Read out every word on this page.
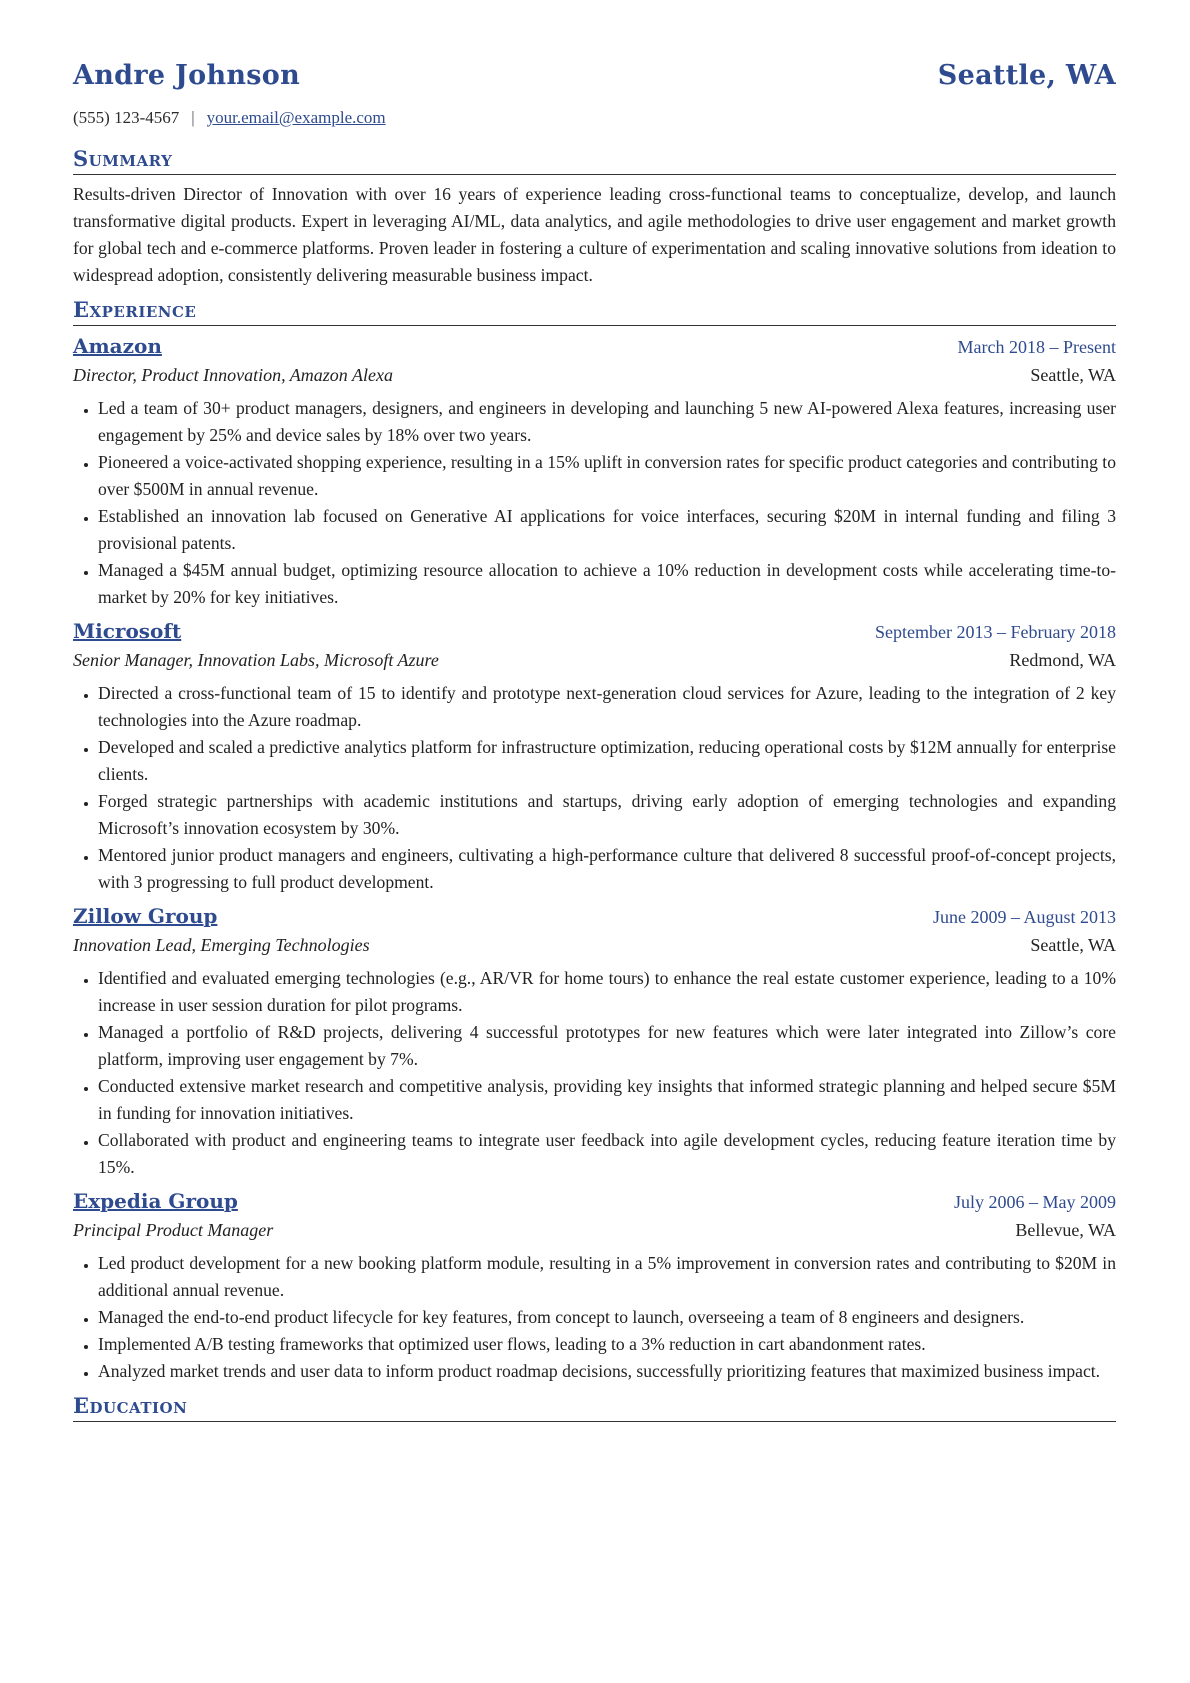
Andre Johnson	Seattle, WA
(555) 123-4567 | your.email@example.com
Summary

Results-driven Director of Innovation with over 16 years of experience leading cross-functional teams to conceptualize, develop, and launch transformative digital products. Expert in leveraging AI/ML, data analytics, and agile methodologies to drive user engagement and market growth for global tech and e-commerce platforms. Proven leader in fostering a culture of experimentation and scaling innovative solutions from ideation to widespread adoption, consistently delivering measurable business impact.

Experience
Amazon	March 2018 – Present
Director, Product Innovation, Amazon Alexa	Seattle, WA
• Led a team of 30+ product managers, designers, and engineers in developing and launching 5 new AI-powered Alexa features, increasing user engagement by 25% and device sales by 18% over two years.
• Pioneered a voice-activated shopping experience, resulting in a 15% uplift in conversion rates for specific product categories and contributing to over $500M in annual revenue.
• Established an innovation lab focused on Generative AI applications for voice interfaces, securing $20M in internal funding and filing 3 provisional patents.
• Managed a $45M annual budget, optimizing resource allocation to achieve a 10% reduction in development costs while accelerating time-to-market by 20% for key initiatives.
Microsoft	September 2013 – February 2018
Senior Manager, Innovation Labs, Microsoft Azure	Redmond, WA
• Directed a cross-functional team of 15 to identify and prototype next-generation cloud services for Azure, leading to the integration of 2 key technologies into the Azure roadmap.
• Developed and scaled a predictive analytics platform for infrastructure optimization, reducing operational costs by $12M annually for enterprise clients.
• Forged strategic partnerships with academic institutions and startups, driving early adoption of emerging technologies and expanding Microsoft’s innovation ecosystem by 30%.
• Mentored junior product managers and engineers, cultivating a high-performance culture that delivered 8 successful proof-of-concept projects, with 3 progressing to full product development.
Zillow Group	June 2009 – August 2013
Innovation Lead, Emerging Technologies	Seattle, WA
• Identified and evaluated emerging technologies (e.g., AR/VR for home tours) to enhance the real estate customer experience, leading to a 10% increase in user session duration for pilot programs.
• Managed a portfolio of R&D projects, delivering 4 successful prototypes for new features which were later integrated into Zillow’s core platform, improving user engagement by 7%.
• Conducted extensive market research and competitive analysis, providing key insights that informed strategic planning and helped secure $5M in funding for innovation initiatives.
• Collaborated with product and engineering teams to integrate user feedback into agile development cycles, reducing feature iteration time by 15%.
Expedia Group	July 2006 – May 2009
Principal Product Manager	Bellevue, WA
• Led product development for a new booking platform module, resulting in a 5% improvement in conversion rates and contributing to $20M in additional annual revenue.
• Managed the end-to-end product lifecycle for key features, from concept to launch, overseeing a team of 8 engineers and designers.
• Implemented A/B testing frameworks that optimized user flows, leading to a 3% reduction in cart abandonment rates.
• Analyzed market trends and user data to inform product roadmap decisions, successfully prioritizing features that maximized business impact.
Education
